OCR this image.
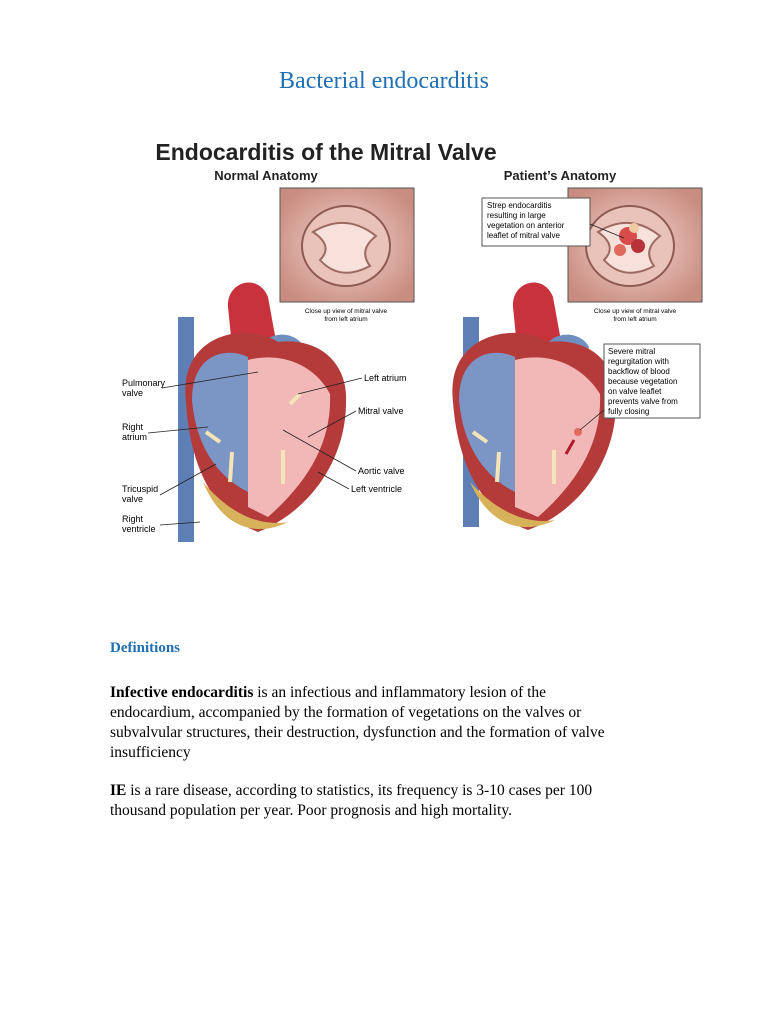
Bacterial endocarditis
Endocarditis of the Mitral Valve
Normal Anatomy	Patient’s Anatomy
Close up view of mitral valve
from left atrium
Pulmonary
valve
Right
atrium
Tricuspid
valve
Right
ventricle
Left atrium
Mitral valve
Aortic valve
Left ventricle
Close up view of mitral valve
from left atrium
Strep endocarditis
resulting in large
vegetation on anterior
leaflet of mitral valve
Severe mitral
regurgitation with
backflow of blood
because vegetation
on valve leaflet
prevents valve from
fully closing
Definitions
Infective endocarditis is an infectious and inflammatory lesion of the
endocardium, accompanied by the formation of vegetations on the valves or
subvalvular structures, their destruction, dysfunction and the formation of valve
insufficiency
IE is a rare disease, according to statistics, its frequency is 3-10 cases per 100
thousand population per year. Poor prognosis and high mortality.
